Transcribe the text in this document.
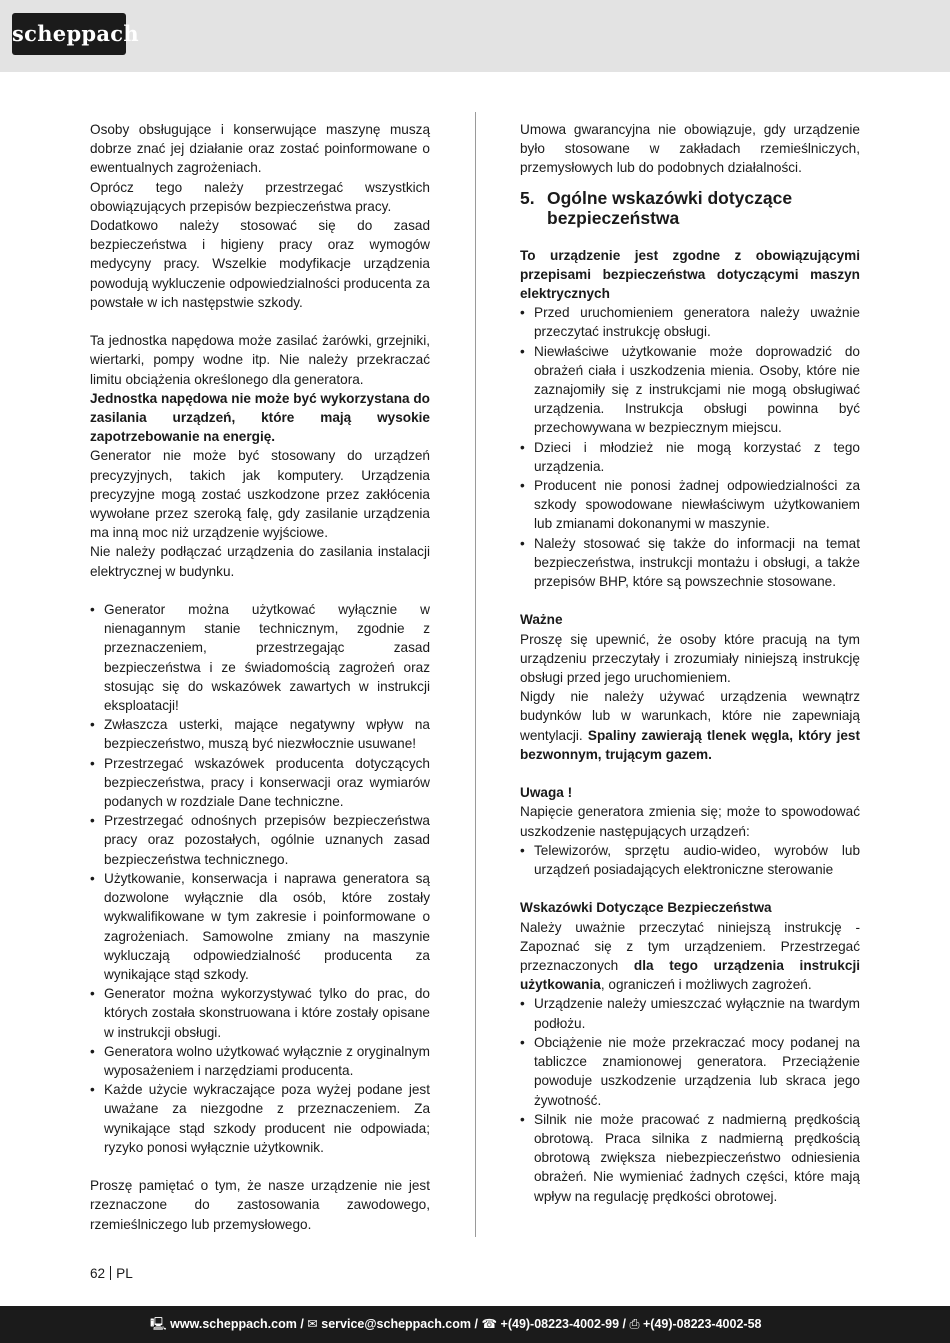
scheppach

Osoby obsługujące i konserwujące maszynę muszą dobrze znać jej działanie oraz zostać poinformowane o ewentualnych zagrożeniach.

Oprócz tego należy przestrzegać wszystkich obowiązujących przepisów bezpieczeństwa pracy.

Dodatkowo należy stosować się do zasad bezpieczeństwa i higieny pracy oraz wymogów medycyny pracy. Wszelkie modyfikacje urządzenia powodują wykluczenie odpowiedzialności producenta za powstałe w ich następstwie szkody.

Ta jednostka napędowa może zasilać żarówki, grzejniki, wiertarki, pompy wodne itp. Nie należy przekraczać limitu obciążenia określonego dla generatora.

Jednostka napędowa nie może być wykorzystana do zasilania urządzeń, które mają wysokie zapotrzebowanie na energię.

Generator nie może być stosowany do urządzeń precyzyjnych, takich jak komputery. Urządzenia precyzyjne mogą zostać uszkodzone przez zakłócenia wywołane przez szeroką falę, gdy zasilanie urządzenia ma inną moc niż urządzenie wyjściowe.

Nie należy podłączać urządzenia do zasilania instalacji elektrycznej w budynku.

• Generator można użytkować wyłącznie w nienagannym stanie technicznym, zgodnie z przeznaczeniem, przestrzegając zasad bezpieczeństwa i ze świadomością zagrożeń oraz stosując się do wskazówek zawartych w instrukcji eksploatacji!
• Zwłaszcza usterki, mające negatywny wpływ na bezpieczeństwo, muszą być niezwłocznie usuwane!
• Przestrzegać wskazówek producenta dotyczących bezpieczeństwa, pracy i konserwacji oraz wymiarów podanych w rozdziale Dane techniczne.
• Przestrzegać odnośnych przepisów bezpieczeństwa pracy oraz pozostałych, ogólnie uznanych zasad bezpieczeństwa technicznego.
• Użytkowanie, konserwacja i naprawa generatora są dozwolone wyłącznie dla osób, które zostały wykwalifikowane w tym zakresie i poinformowane o zagrożeniach. Samowolne zmiany na maszynie wykluczają odpowiedzialność producenta za wynikające stąd szkody.
• Generator można wykorzystywać tylko do prac, do których została skonstruowana i które zostały opisane w instrukcji obsługi.
• Generatora wolno użytkować wyłącznie z oryginalnym wyposażeniem i narzędziami producenta.
• Każde użycie wykraczające poza wyżej podane jest uważane za niezgodne z przeznaczeniem. Za wynikające stąd szkody producent nie odpowiada; ryzyko ponosi wyłącznie użytkownik.

Proszę pamiętać o tym, że nasze urządzenie nie jest rzeznaczone do zastosowania zawodowego, rzemieślniczego lub przemysłowego.

Umowa gwarancyjna nie obowiązuje, gdy urządzenie było stosowane w zakładach rzemieślniczych, przemysłowych lub do podobnych działalności.

5. Ogólne wskazówki dotyczące bezpieczeństwa

To urządzenie jest zgodne z obowiązującymi przepisami bezpieczeństwa dotyczącymi maszyn elektrycznych

• Przed uruchomieniem generatora należy uważnie przeczytać instrukcję obsługi.
• Niewłaściwe użytkowanie może doprowadzić do obrażeń ciała i uszkodzenia mienia. Osoby, które nie zaznajomiły się z instrukcjami nie mogą obsługiwać urządzenia. Instrukcja obsługi powinna być przechowywana w bezpiecznym miejscu.
• Dzieci i młodzież nie mogą korzystać z tego urządzenia.
• Producent nie ponosi żadnej odpowiedzialności za szkody spowodowane niewłaściwym użytkowaniem lub zmianami dokonanymi w maszynie.
• Należy stosować się także do informacji na temat bezpieczeństwa, instrukcji montażu i obsługi, a także przepisów BHP, które są powszechnie stosowane.

Ważne

Proszę się upewnić, że osoby które pracują na tym urządzeniu przeczytały i zrozumiały niniejszą instrukcję obsługi przed jego uruchomieniem.

Nigdy nie należy używać urządzenia wewnątrz budynków lub w warunkach, które nie zapewniają wentylacji. Spaliny zawierają tlenek węgla, który jest bezwonnym, trującym gazem.

Uwaga !

Napięcie generatora zmienia się; może to spowodować uszkodzenie następujących urządzeń:

• Telewizorów, sprzętu audio-wideo, wyrobów lub urządzeń posiadających elektroniczne sterowanie

Wskazówki Dotyczące Bezpieczeństwa

Należy uważnie przeczytać niniejszą instrukcję - Zapoznać się z tym urządzeniem. Przestrzegać przeznaczonych dla tego urządzenia instrukcji użytkowania, ograniczeń i możliwych zagrożeń.

• Urządzenie należy umieszczać wyłącznie na twardym podłożu.
• Obciążenie nie może przekraczać mocy podanej na tabliczce znamionowej generatora. Przeciążenie powoduje uszkodzenie urządzenia lub skraca jego żywotność.
• Silnik nie może pracować z nadmierną prędkością obrotową. Praca silnika z nadmierną prędkością obrotową zwiększa niebezpieczeństwo odniesienia obrażeń. Nie wymieniać żadnych części, które mają wpływ na regulację prędkości obrotowej.
62 PL
🖳 www.scheppach.com / ✉ service@scheppach.com / ☎ +(49)-08223-4002-99 / ⎙ +(49)-08223-4002-58
